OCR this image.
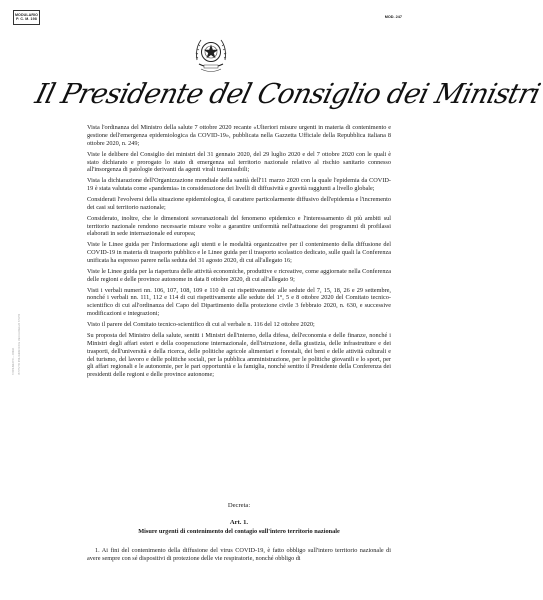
MODULARIO
P. C. M. 198
MOD. 247
Il Presidente del Consiglio dei Ministri
ISTITUTO POLIGRAFICO E ZECCA DELLO STATO
STABILIMENTO — ROMA

Vista l'ordinanza del Ministro della salute 7 ottobre 2020 recante «Ulteriori misure urgenti in materia di contenimento e gestione dell'emergenza epidemiologica da COVID-19», pubblicata nella Gazzetta Ufficiale della Repubblica italiana 8 ottobre 2020, n. 249;

Viste le delibere del Consiglio dei ministri del 31 gennaio 2020, del 29 luglio 2020 e del 7 ottobre 2020 con le quali è stato dichiarato e prorogato lo stato di emergenza sul territorio nazionale relativo al rischio sanitario connesso all'insorgenza di patologie derivanti da agenti virali trasmissibili;

Vista la dichiarazione dell'Organizzazione mondiale della sanità dell'11 marzo 2020 con la quale l'epidemia da COVID-19 è stata valutata come «pandemia» in considerazione dei livelli di diffusività e gravità raggiunti a livello globale;

Considerati l'evolversi della situazione epidemiologica, il carattere particolarmente diffusivo dell'epidemia e l'incremento dei casi sul territorio nazionale;

Considerato, inoltre, che le dimensioni sovranazionali del fenomeno epidemico e l'interessamento di più ambiti sul territorio nazionale rendono necessarie misure volte a garantire uniformità nell'attuazione dei programmi di profilassi elaborati in sede internazionale ed europea;

Viste le Linee guida per l'informazione agli utenti e le modalità organizzative per il contenimento della diffusione del COVID-19 in materia di trasporto pubblico e le Linee guida per il trasporto scolastico dedicato, sulle quali la Conferenza unificata ha espresso parere nella seduta del 31 agosto 2020, di cui all'allegato 16;

Viste le Linee guida per la riapertura delle attività economiche, produttive e ricreative, come aggiornate nella Conferenza delle regioni e delle province autonome in data 8 ottobre 2020, di cui all'allegato 9;

Visti i verbali numeri nn. 106, 107, 108, 109 e 110 di cui rispettivamente alle sedute del 7, 15, 18, 26 e 29 settembre, nonché i verbali nn. 111, 112 e 114 di cui rispettivamente alle sedute del 1°, 5 e 8 ottobre 2020 del Comitato tecnico-scientifico di cui all'ordinanza del Capo del Dipartimento della protezione civile 3 febbraio 2020, n. 630, e successive modificazioni e integrazioni;

Visto il parere del Comitato tecnico-scientifico di cui al verbale n. 116 del 12 ottobre 2020;

Su proposta del Ministro della salute, sentiti i Ministri dell'interno, della difesa, dell'economia e delle finanze, nonché i Ministri degli affari esteri e della cooperazione internazionale, dell'istruzione, della giustizia, delle infrastrutture e dei trasporti, dell'università e della ricerca, delle politiche agricole alimentari e forestali, dei beni e delle attività culturali e del turismo, del lavoro e delle politiche sociali, per la pubblica amministrazione, per le politiche giovanili e lo sport, per gli affari regionali e le autonomie, per le pari opportunità e la famiglia, nonché sentito il Presidente della Conferenza dei presidenti delle regioni e delle province autonome;

Decreta:
Art. 1.
Misure urgenti di contenimento del contagio sull'intero territorio nazionale
1. Ai fini del contenimento della diffusione del virus COVID-19, è fatto obbligo sull'intero territorio nazionale di avere sempre con sé dispositivi di protezione delle vie respiratorie, nonché obbligo di
